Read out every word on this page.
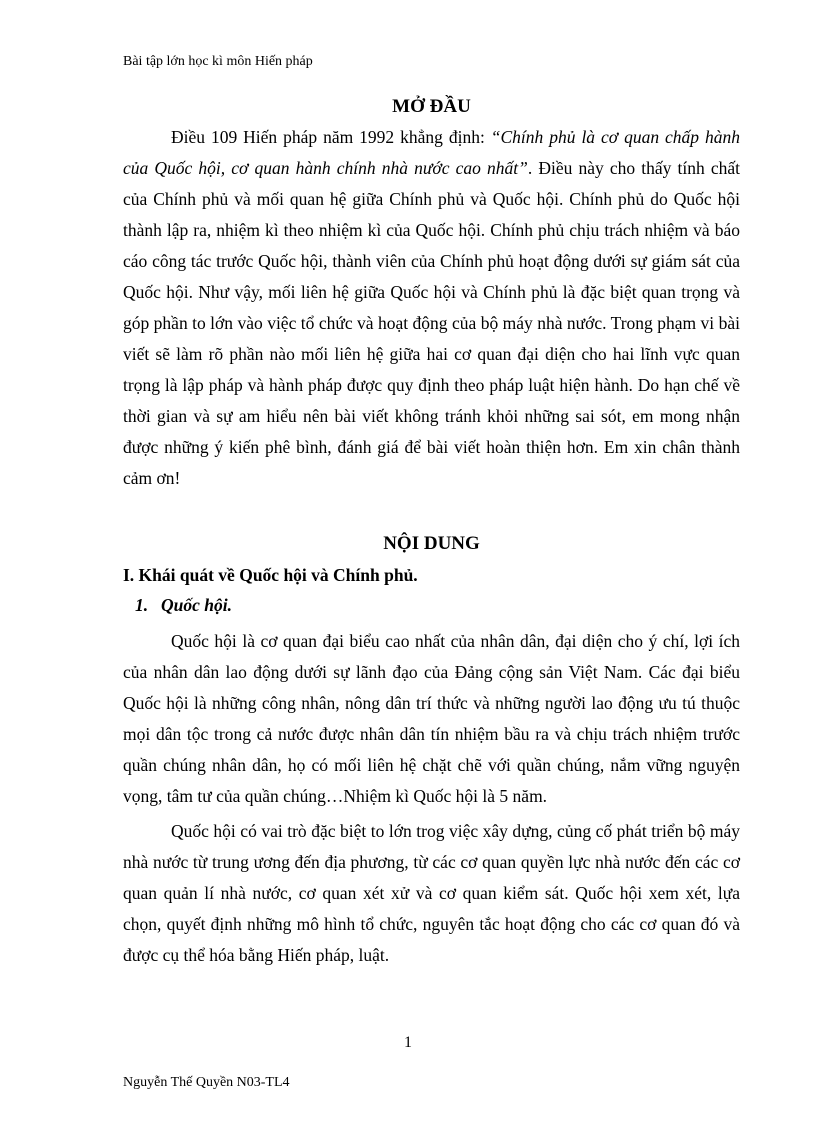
Bài tập lớn học kì môn Hiến pháp
MỞ ĐẦU

Điều 109 Hiến pháp năm 1992 khẳng định: “Chính phủ là cơ quan chấp hành của Quốc hội, cơ quan hành chính nhà nước cao nhất”. Điều này cho thấy tính chất của Chính phủ và mối quan hệ giữa Chính phủ và Quốc hội. Chính phủ do Quốc hội thành lập ra, nhiệm kì theo nhiệm kì của Quốc hội. Chính phủ chịu trách nhiệm và báo cáo công tác trước Quốc hội, thành viên của Chính phủ hoạt động dưới sự giám sát của Quốc hội. Như vậy, mối liên hệ giữa Quốc hội và Chính phủ là đặc biệt quan trọng và góp phần to lớn vào việc tổ chức và hoạt động của bộ máy nhà nước. Trong phạm vi bài viết sẽ làm rõ phần nào mối liên hệ giữa hai cơ quan đại diện cho hai lĩnh vực quan trọng là lập pháp và hành pháp được quy định theo pháp luật hiện hành. Do hạn chế về thời gian và sự am hiểu nên bài viết không tránh khỏi những sai sót, em mong nhận được những ý kiến phê bình, đánh giá để bài viết hoàn thiện hơn. Em xin chân thành cảm ơn!

NỘI DUNG

I. Khái quát về Quốc hội và Chính phủ.

1. Quốc hội.

Quốc hội là cơ quan đại biểu cao nhất của nhân dân, đại diện cho ý chí, lợi ích của nhân dân lao động dưới sự lãnh đạo của Đảng cộng sản Việt Nam. Các đại biểu Quốc hội là những công nhân, nông dân trí thức và những người lao động ưu tú thuộc mọi dân tộc trong cả nước được nhân dân tín nhiệm bầu ra và chịu trách nhiệm trước quần chúng nhân dân, họ có mối liên hệ chặt chẽ với quần chúng, nắm vững nguyện vọng, tâm tư của quần chúng…Nhiệm kì Quốc hội là 5 năm.

Quốc hội có vai trò đặc biệt to lớn trog việc xây dựng, củng cố phát triển bộ máy nhà nước từ trung ương đến địa phương, từ các cơ quan quyền lực nhà nước đến các cơ quan quản lí nhà nước, cơ quan xét xử và cơ quan kiểm sát. Quốc hội xem xét, lựa chọn, quyết định những mô hình tổ chức, nguyên tắc hoạt động cho các cơ quan đó và được cụ thể hóa bằng Hiến pháp, luật.

1
Nguyễn Thế Quyền N03-TL4
